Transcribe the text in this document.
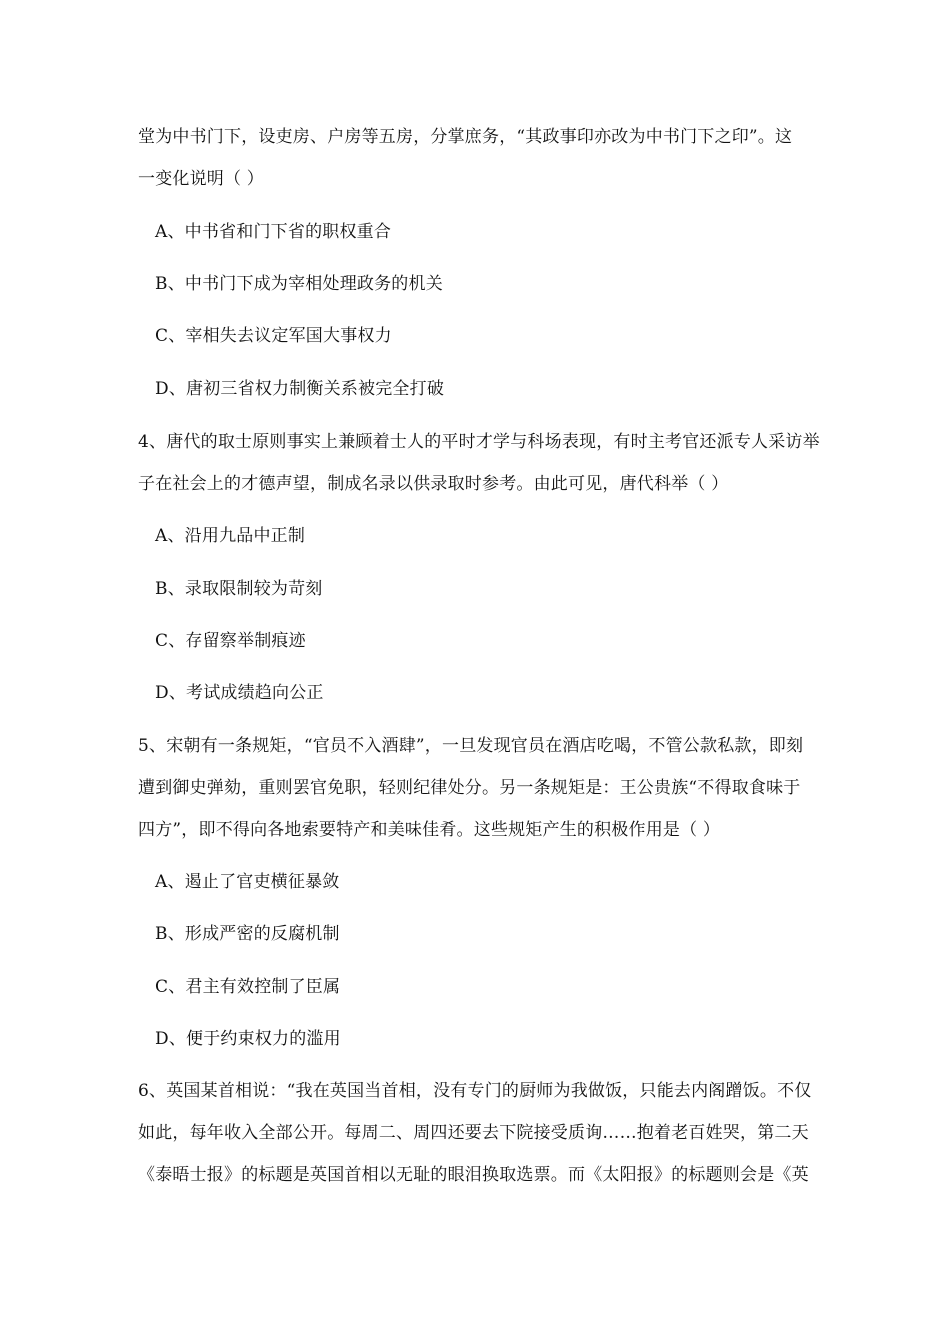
堂为中书门下，设吏房、户房等五房，分掌庶务，“其政事印亦改为中书门下之印”。这
一变化说明（ ）
A、中书省和门下省的职权重合
B、中书门下成为宰相处理政务的机关
C、宰相失去议定军国大事权力
D、唐初三省权力制衡关系被完全打破
4、唐代的取士原则事实上兼顾着士人的平时才学与科场表现，有时主考官还派专人采访举
子在社会上的才德声望，制成名录以供录取时参考。由此可见，唐代科举（ ）
A、沿用九品中正制
B、录取限制较为苛刻
C、存留察举制痕迹
D、考试成绩趋向公正
5、宋朝有一条规矩，“官员不入酒肆”，一旦发现官员在酒店吃喝，不管公款私款，即刻
遭到御史弹劾，重则罢官免职，轻则纪律处分。另一条规矩是：王公贵族“不得取食味于
四方”，即不得向各地索要特产和美味佳肴。这些规矩产生的积极作用是（ ）
A、遏止了官吏横征暴敛
B、形成严密的反腐机制
C、君主有效控制了臣属
D、便于约束权力的滥用
6、英国某首相说：“我在英国当首相，没有专门的厨师为我做饭，只能去内阁蹭饭。不仅
如此，每年收入全部公开。每周二、周四还要去下院接受质询……抱着老百姓哭，第二天
《泰晤士报》的标题是英国首相以无耻的眼泪换取选票。而《太阳报》的标题则会是《英
